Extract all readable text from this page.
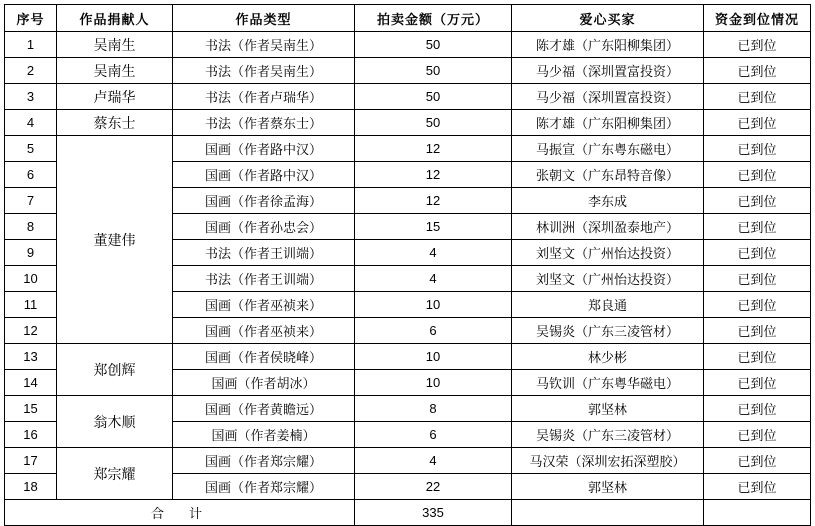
序号	作品捐献人	作品类型	拍卖金额（万元）	爱心买家	资金到位情况
1	吴南生	书法（作者吴南生）	50	陈才雄（广东阳柳集团）	已到位
2	吴南生	书法（作者吴南生）	50	马少福（深圳置富投资）	已到位
3	卢瑞华	书法（作者卢瑞华）	50	马少福（深圳置富投资）	已到位
4	蔡东士	书法（作者蔡东士）	50	陈才雄（广东阳柳集团）	已到位
5	董建伟	国画（作者路中汉）	12	马振宣（广东粤东磁电）	已到位
6		国画（作者路中汉）	12	张朝文（广东昂特音像）	已到位
7		国画（作者徐孟海）	12	李东成	已到位
8		国画（作者孙忠会）	15	林训洲（深圳盈泰地产）	已到位
9		书法（作者王训端）	4	刘坚文（广州怡达投资）	已到位
10		书法（作者王训端）	4	刘坚文（广州怡达投资）	已到位
11		国画（作者巫祯来）	10	郑良通	已到位
12		国画（作者巫祯来）	6	吴锡炎（广东三凌管材）	已到位
13	郑创辉	国画（作者侯晓峰）	10	林少彬	已到位
14		国画（作者胡冰）	10	马钦训（广东粤华磁电）	已到位
15	翁木顺	国画（作者黄瞻远）	8	郭坚林	已到位
16		国画（作者姜楠）	6	吴锡炎（广东三凌管材）	已到位
17	郑宗耀	国画（作者郑宗耀）	4	马汉荣（深圳宏拓深塑胶）	已到位
18		国画（作者郑宗耀）	22	郭坚林	已到位
合　计			335		
